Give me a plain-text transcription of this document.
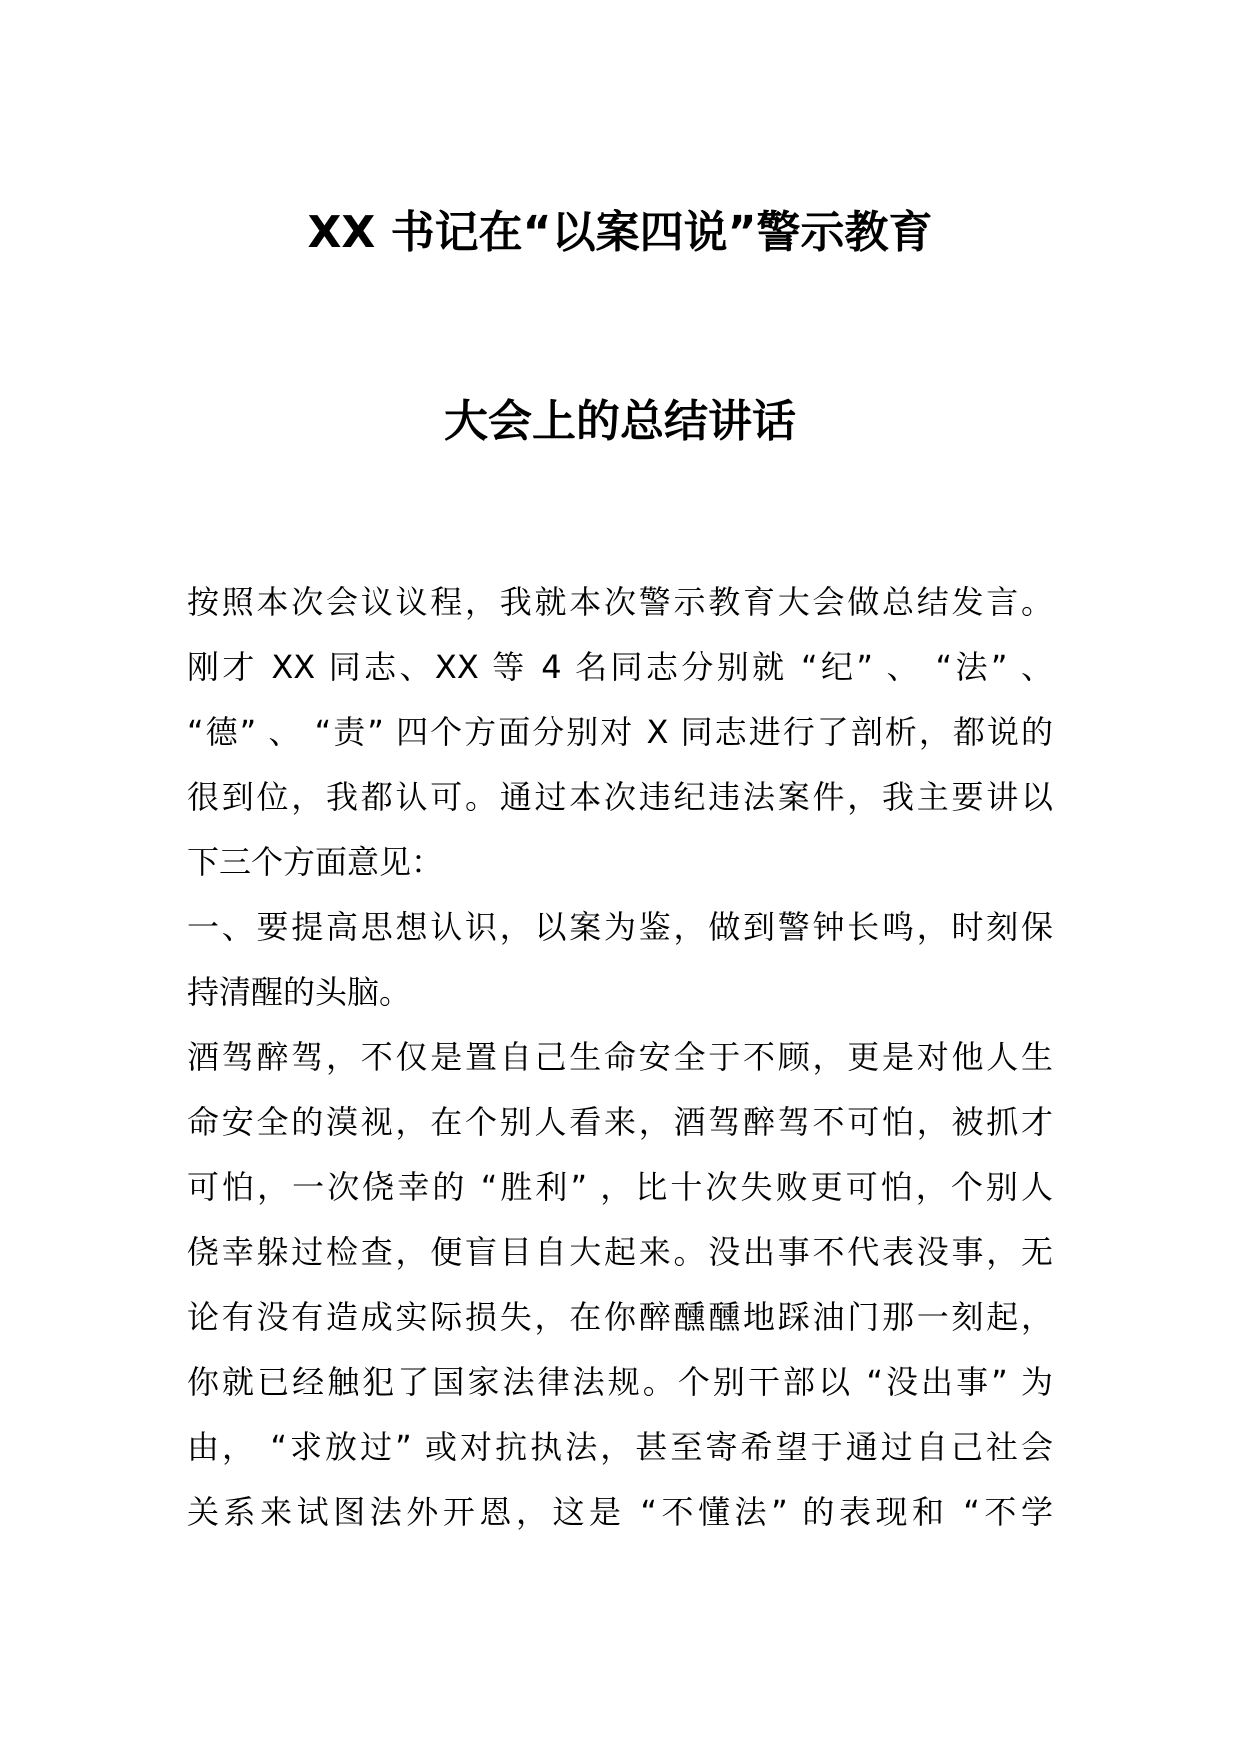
XX 书记在“以案四说”警示教育
大会上的总结讲话
按照本次会议议程，我就本次警示教育大会做总结发言。
刚才 XX 同志、XX 等 4 名同志分别就 “纪” 、 “法” 、
“德” 、 “责” 四个方面分别对 X 同志进行了剖析，都说的
很到位，我都认可。通过本次违纪违法案件，我主要讲以
下三个方面意见：
一、要提高思想认识，以案为鉴，做到警钟长鸣，时刻保
持清醒的头脑。
酒驾醉驾，不仅是置自己生命安全于不顾，更是对他人生
命安全的漠视，在个别人看来，酒驾醉驾不可怕，被抓才
可怕，一次侥幸的 “胜利” ，比十次失败更可怕，个别人
侥幸躲过检查，便盲目自大起来。没出事不代表没事，无
论有没有造成实际损失，在你醉醺醺地踩油门那一刻起，
你就已经触犯了国家法律法规。个别干部以 “没出事” 为
由， “求放过” 或对抗执法，甚至寄希望于通过自己社会
关系来试图法外开恩，这是 “不懂法” 的表现和 “不学
